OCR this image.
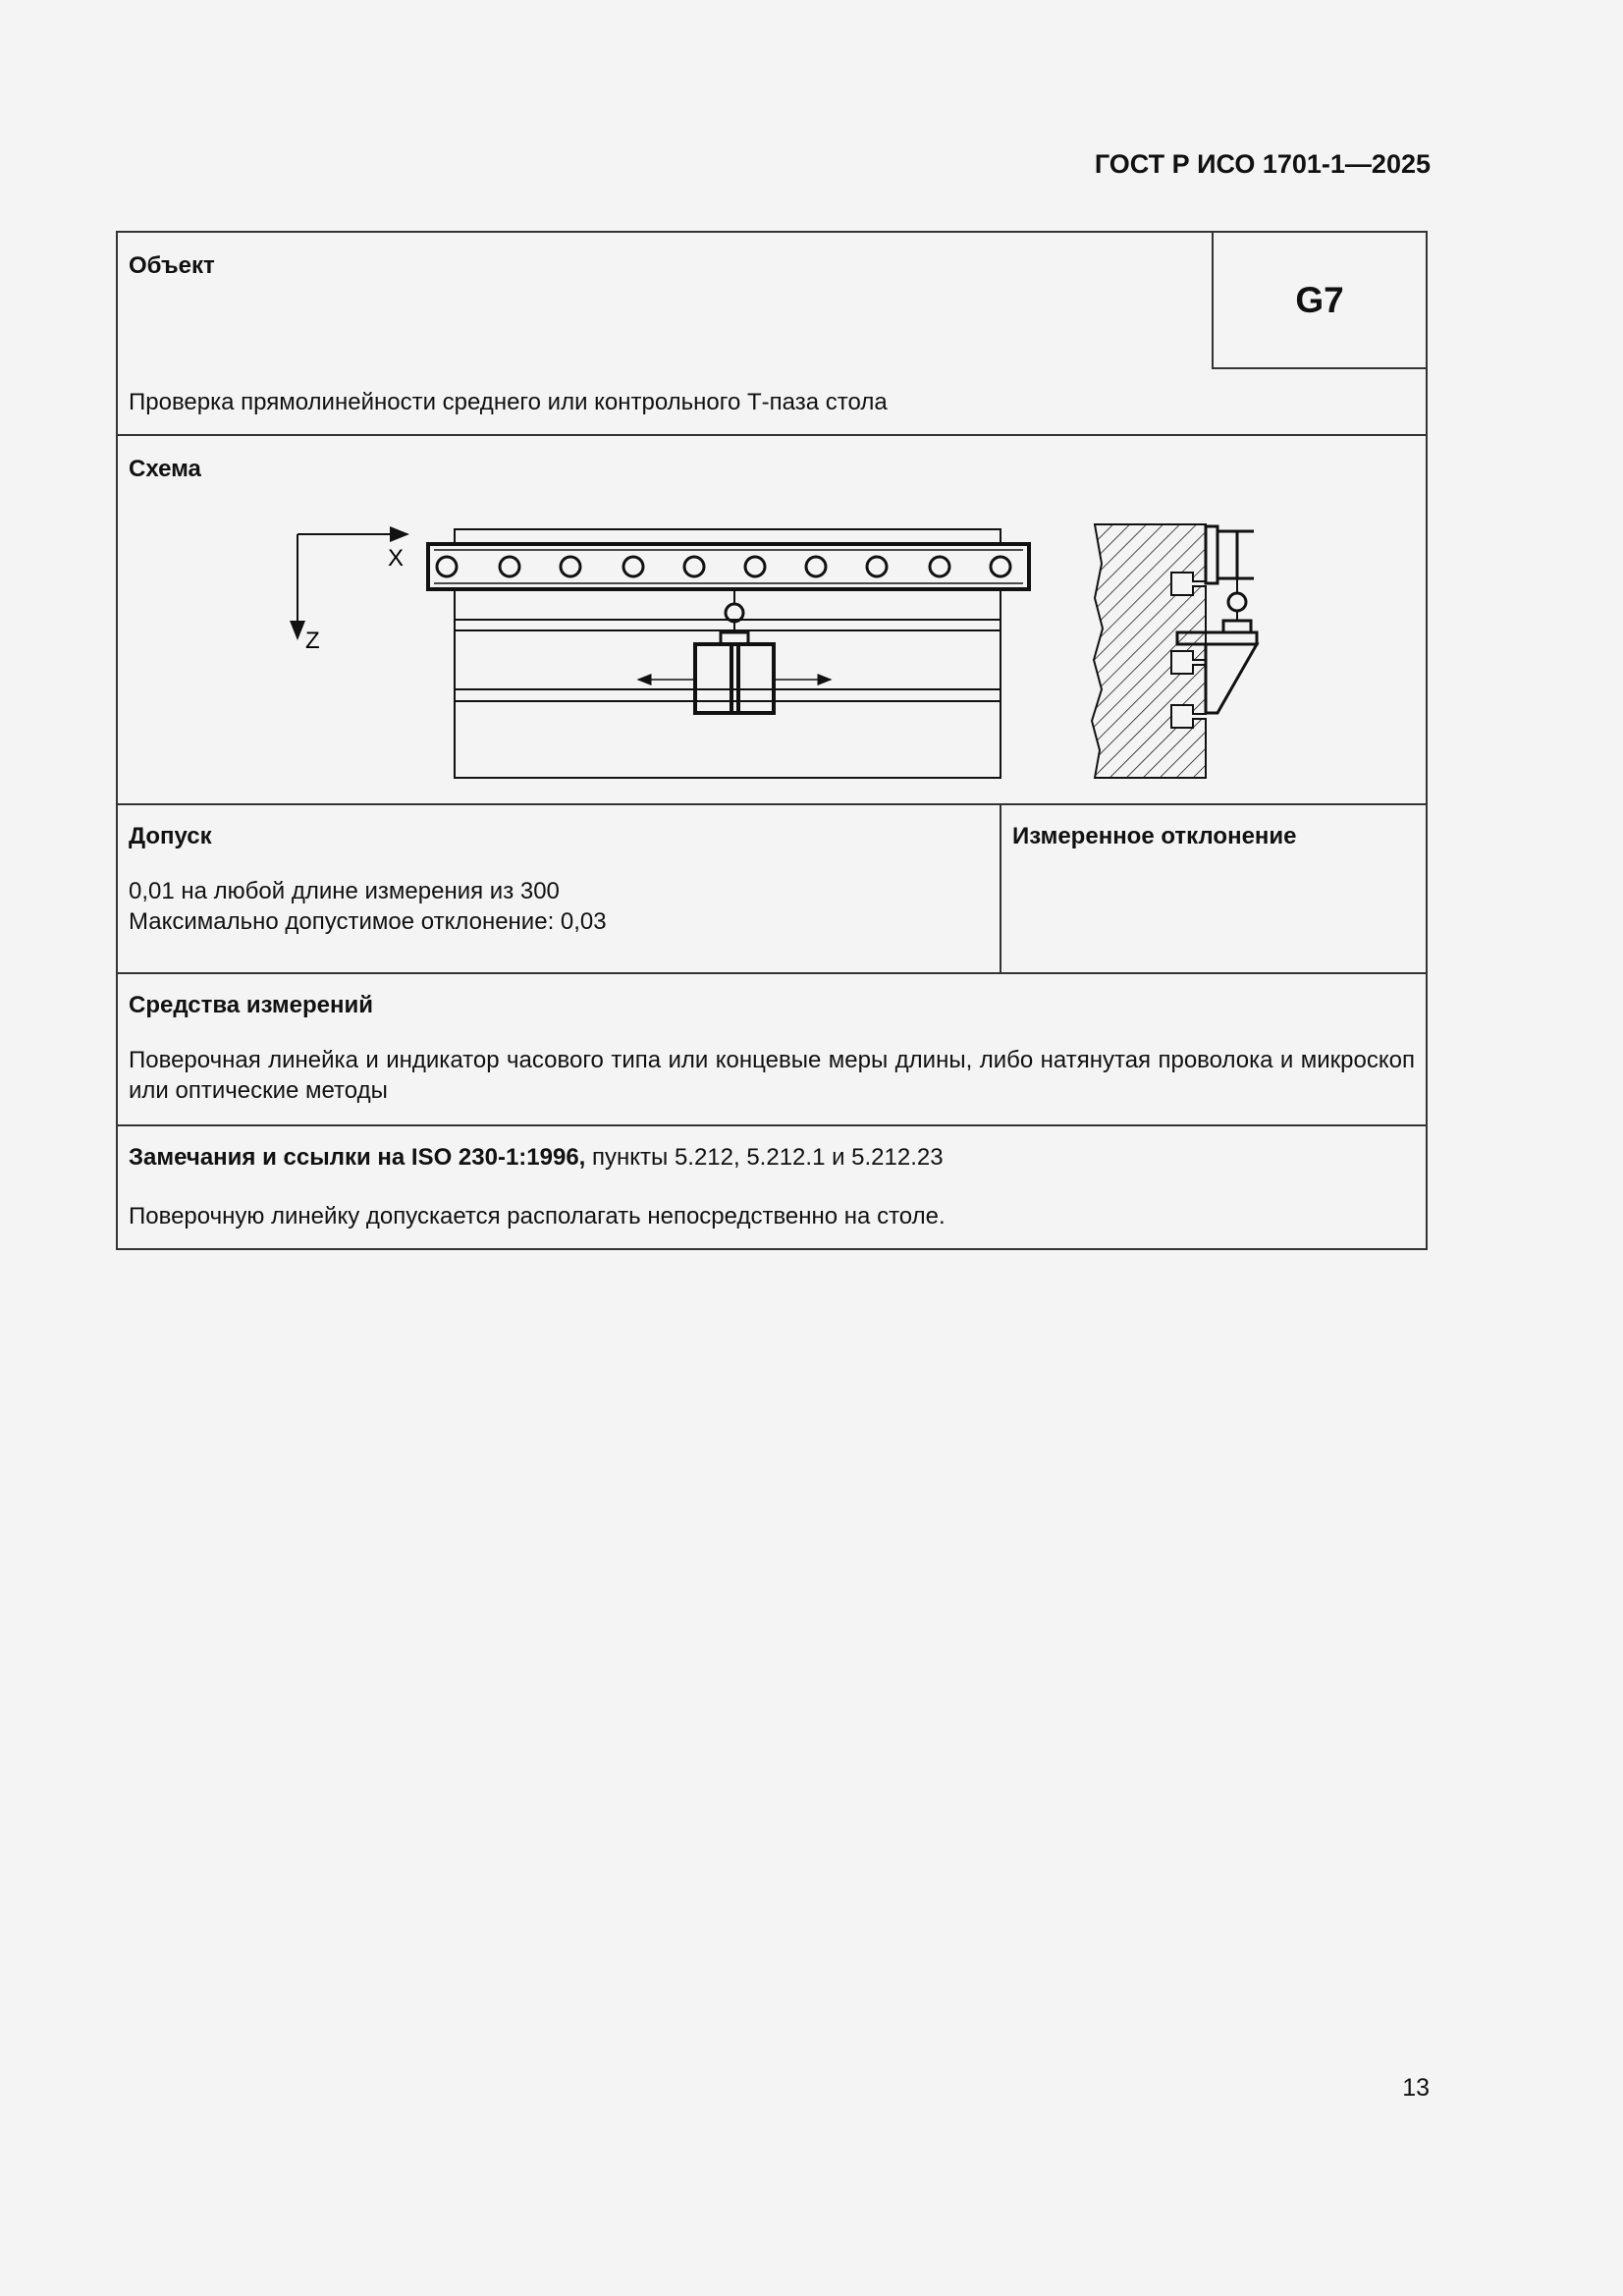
ГОСТ Р ИСО 1701-1—2025
Объект
G7
Проверка прямолинейности среднего или контрольного Т-паза стола
Схема
X
Z
Допуск
0,01 на любой длине измерения из 300
Максимально допустимое отклонение: 0,03
Измеренное отклонение
Средства измерений
Поверочная линейка и индикатор часового типа или концевые меры длины, либо натянутая проволока и микроскоп или оптические методы
Замечания и ссылки на ISO 230-1:1996, пункты 5.212, 5.212.1 и 5.212.23
Поверочную линейку допускается располагать непосредственно на столе.
13
